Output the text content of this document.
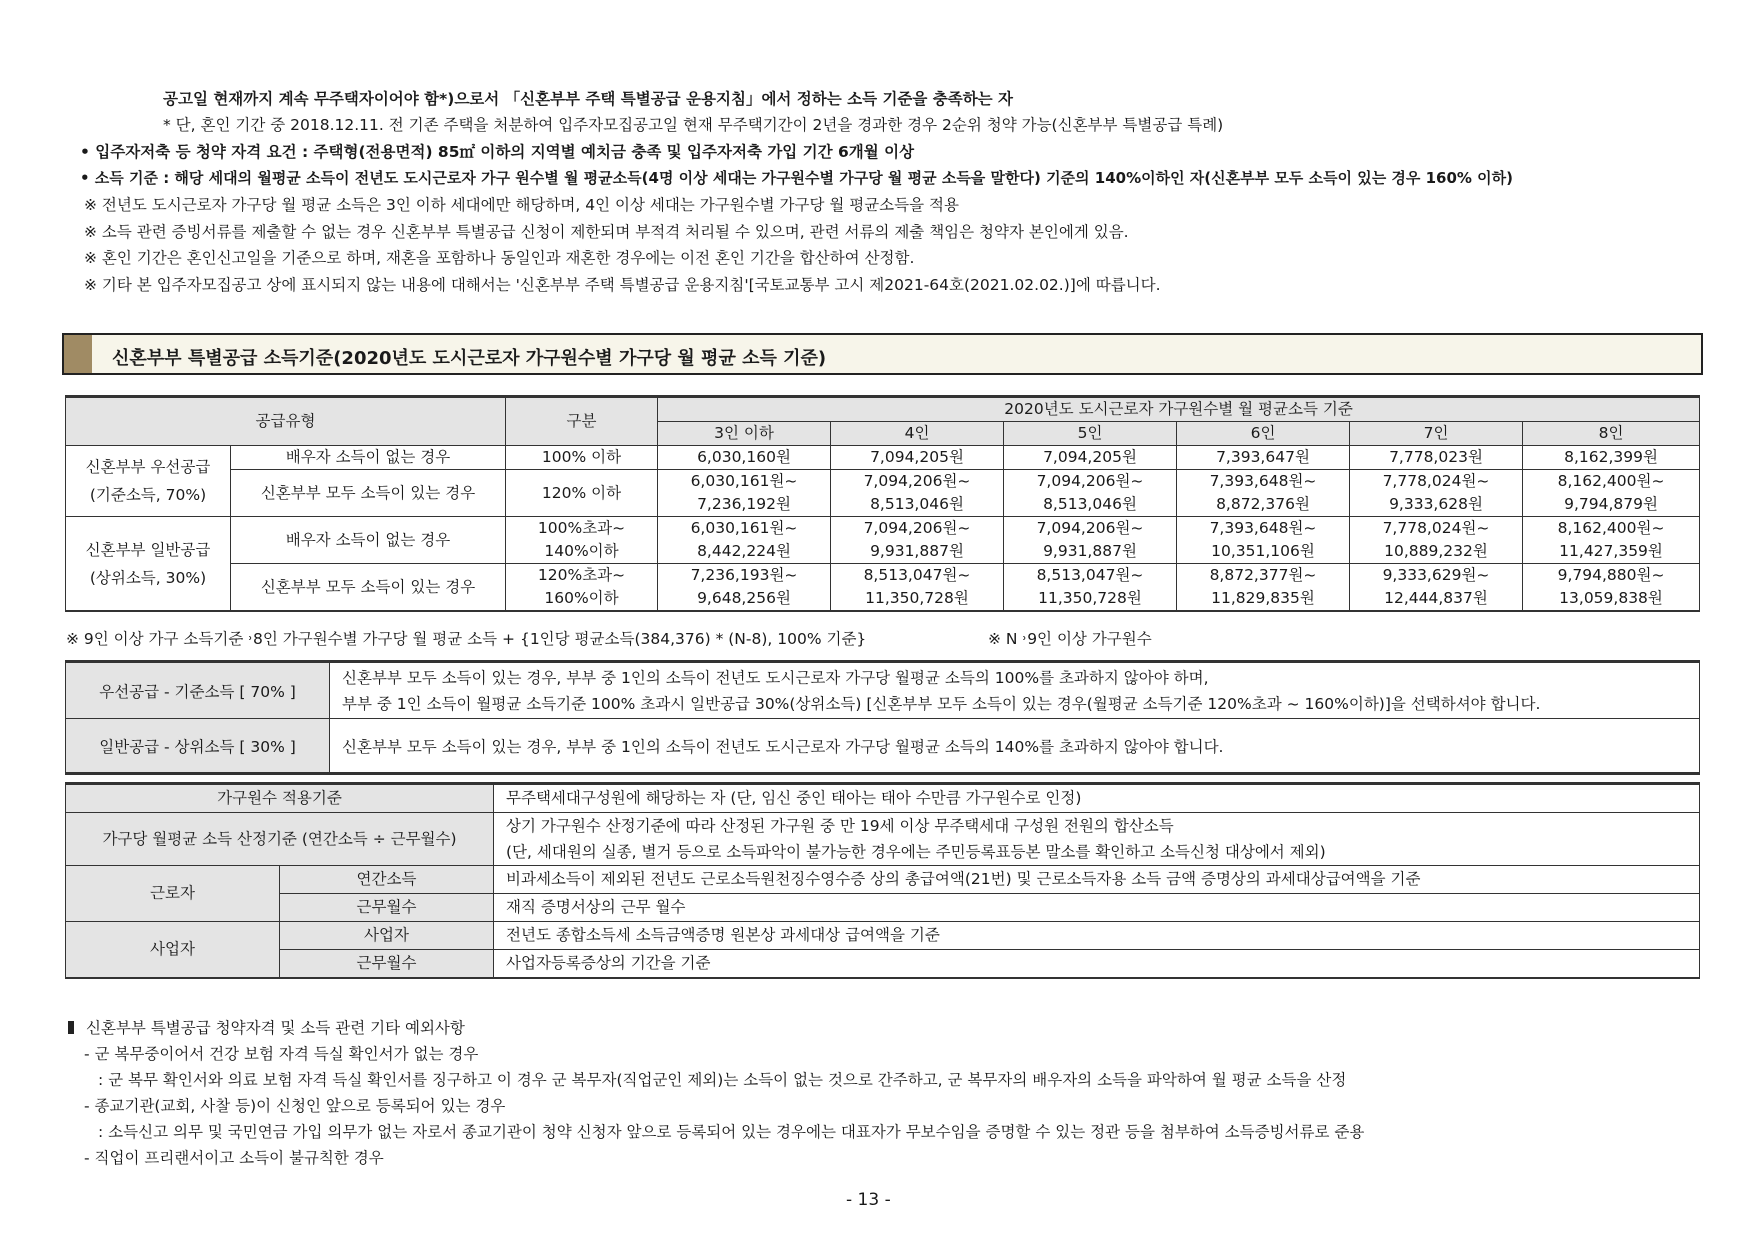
공고일 현재까지 계속 무주택자이어야 함*)으로서 「신혼부부 주택 특별공급 운용지침」에서 정하는 소득 기준을 충족하는 자
* 단, 혼인 기간 중 2018.12.11. 전 기존 주택을 처분하여 입주자모집공고일 현재 무주택기간이 2년을 경과한 경우 2순위 청약 가능(신혼부부 특별공급 특례)
• 입주자저축 등 청약 자격 요건 : 주택형(전용면적) 85㎡ 이하의 지역별 예치금 충족 및 입주자저축 가입 기간 6개월 이상
• 소득 기준 : 해당 세대의 월평균 소득이 전년도 도시근로자 가구 원수별 월 평균소득(4명 이상 세대는 가구원수별 가구당 월 평균 소득을 말한다) 기준의 140%이하인 자(신혼부부 모두 소득이 있는 경우 160% 이하)
※ 전년도 도시근로자 가구당 월 평균 소득은 3인 이하 세대에만 해당하며, 4인 이상 세대는 가구원수별 가구당 월 평균소득을 적용
※ 소득 관련 증빙서류를 제출할 수 없는 경우 신혼부부 특별공급 신청이 제한되며 부적격 처리될 수 있으며, 관련 서류의 제출 책임은 청약자 본인에게 있음.
※ 혼인 기간은 혼인신고일을 기준으로 하며, 재혼을 포함하나 동일인과 재혼한 경우에는 이전 혼인 기간을 합산하여 산정함.
※ 기타 본 입주자모집공고 상에 표시되지 않는 내용에 대해서는 '신혼부부 주택 특별공급 운용지침'[국토교통부 고시 제2021-64호(2021.02.02.)]에 따릅니다.
신혼부부 특별공급 소득기준(2020년도 도시근로자 가구원수별 가구당 월 평균 소득 기준)
공급유형		구분	2020년도 도시근로자 가구원수별 월 평균소득 기준					
			3인 이하	4인	5인	6인	7인	8인

신혼부부 우선공급
(기준소득, 70%)	배우자 소득이 없는 경우	100% 이하	6,030,160원	7,094,205원	7,094,205원	7,393,647원	7,778,023원	8,162,399원
	신혼부부 모두 소득이 있는 경우	120% 이하	6,030,161원~	7,094,206원~	7,094,206원~	7,393,648원~	7,778,024원~	8,162,400원~
			7,236,192원	8,513,046원	8,513,046원	8,872,376원	9,333,628원	9,794,879원

신혼부부 일반공급
(상위소득, 30%)	배우자 소득이 없는 경우	100%초과~	6,030,161원~	7,094,206원~	7,094,206원~	7,393,648원~	7,778,024원~	8,162,400원~
		140%이하	8,442,224원	9,931,887원	9,931,887원	10,351,106원	10,889,232원	11,427,359원
	신혼부부 모두 소득이 있는 경우	120%초과~	7,236,193원~	8,513,047원~	8,513,047원~	8,872,377원~	9,333,629원~	9,794,880원~
		160%이하	9,648,256원	11,350,728원	11,350,728원	11,829,835원	12,444,837원	13,059,838원
※ 9인 이상 가구 소득기준 ˒8인 가구원수별 가구당 월 평균 소득 + {1인당 평균소득(384,376) * (N-8), 100% 기준}	※ N ˒9인 이상 가구원수
우선공급 - 기준소득 [ 70% ]	신혼부부 모두 소득이 있는 경우, 부부 중 1인의 소득이 전년도 도시근로자 가구당 월평균 소득의 100%를 초과하지 않아야 하며,
부부 중 1인 소득이 월평균 소득기준 100% 초과시 일반공급 30%(상위소득) [신혼부부 모두 소득이 있는 경우(월평균 소득기준 120%초과 ~ 160%이하)]을 선택하셔야 합니다.

일반공급 - 상위소득 [ 30% ]	신혼부부 모두 소득이 있는 경우, 부부 중 1인의 소득이 전년도 도시근로자 가구당 월평균 소득의 140%를 초과하지 않아야 합니다.
가구원수 적용기준		무주택세대구성원에 해당하는 자 (단, 임신 중인 태아는 태아 수만큼 가구원수로 인정)
가구당 월평균 소득 산정기준 (연간소득 ÷ 근무월수)		상기 가구원수 산정기준에 따라 산정된 가구원 중 만 19세 이상 무주택세대 구성원 전원의 합산소득
(단, 세대원의 실종, 별거 등으로 소득파악이 불가능한 경우에는 주민등록표등본 말소를 확인하고 소득신청 대상에서 제외)

근로자	연간소득	비과세소득이 제외된 전년도 근로소득원천징수영수증 상의 총급여액(21번) 및 근로소득자용 소득 금액 증명상의 과세대상급여액을 기준
	근무월수	재직 증명서상의 근무 월수
사업자	사업자	전년도 종합소득세 소득금액증명 원본상 과세대상 급여액을 기준
	근무월수	사업자등록증상의 기간을 기준
신혼부부 특별공급 청약자격 및 소득 관련 기타 예외사항
- 군 복무중이어서 건강 보험 자격 득실 확인서가 없는 경우
: 군 복무 확인서와 의료 보험 자격 득실 확인서를 징구하고 이 경우 군 복무자(직업군인 제외)는 소득이 없는 것으로 간주하고, 군 복무자의 배우자의 소득을 파악하여 월 평균 소득을 산정
- 종교기관(교회, 사찰 등)이 신청인 앞으로 등록되어 있는 경우
: 소득신고 의무 및 국민연금 가입 의무가 없는 자로서 종교기관이 청약 신청자 앞으로 등록되어 있는 경우에는 대표자가 무보수임을 증명할 수 있는 정관 등을 첨부하여 소득증빙서류로 준용
- 직업이 프리랜서이고 소득이 불규칙한 경우
- 13 -
